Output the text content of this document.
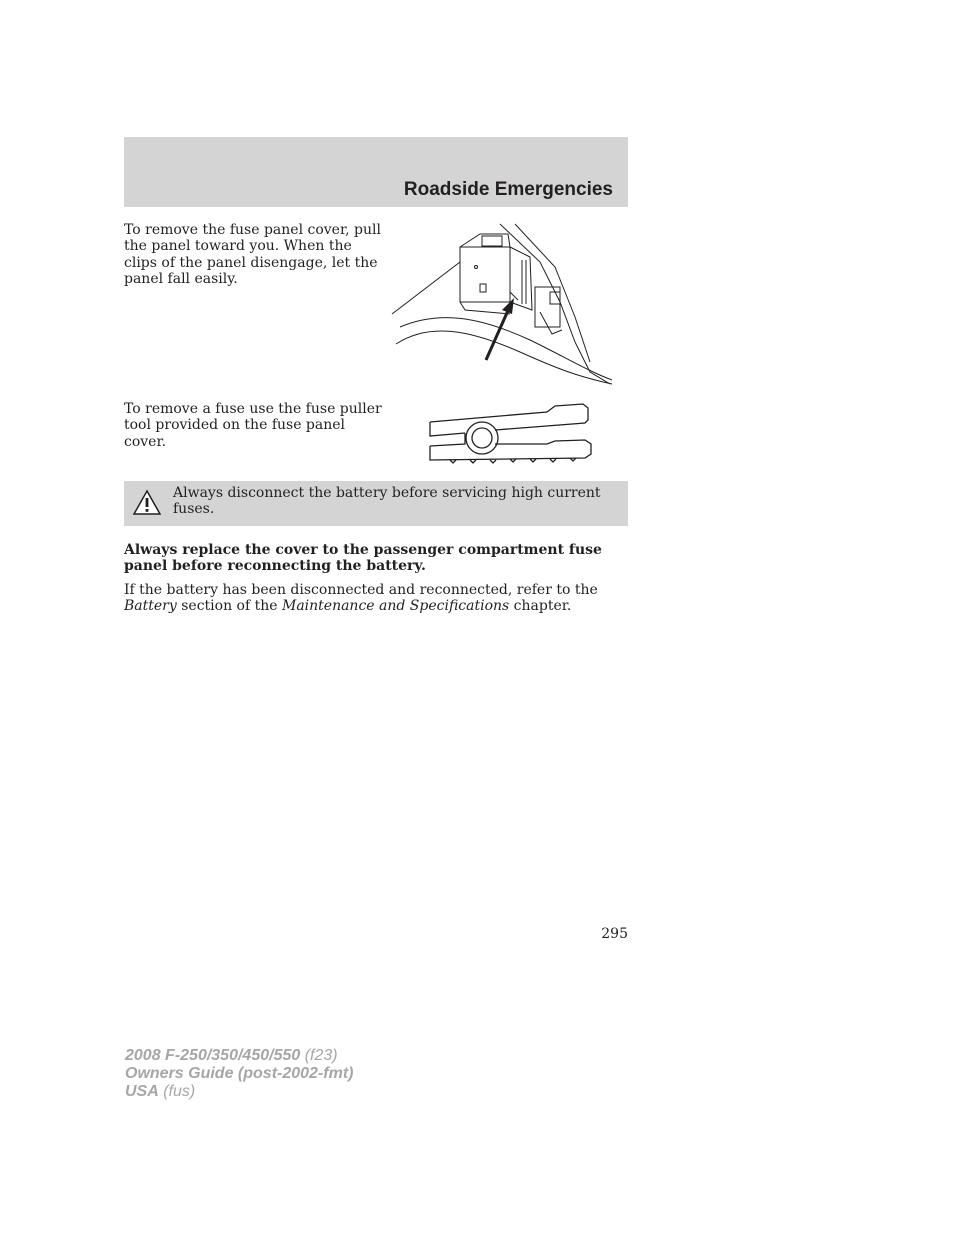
Roadside Emergencies

To remove the fuse panel cover, pull the panel toward you. When the clips of the panel disengage, let the panel fall easily.

To remove a fuse use the fuse puller tool provided on the fuse panel cover.

Always disconnect the battery before servicing high current fuses.
Always replace the cover to the passenger compartment fuse panel before reconnecting the battery.
If the battery has been disconnected and reconnected, refer to the Battery section of the Maintenance and Specifications chapter.
295
2008 F-250/350/450/550 (f23)
Owners Guide (post-2002-fmt)
USA (fus)
